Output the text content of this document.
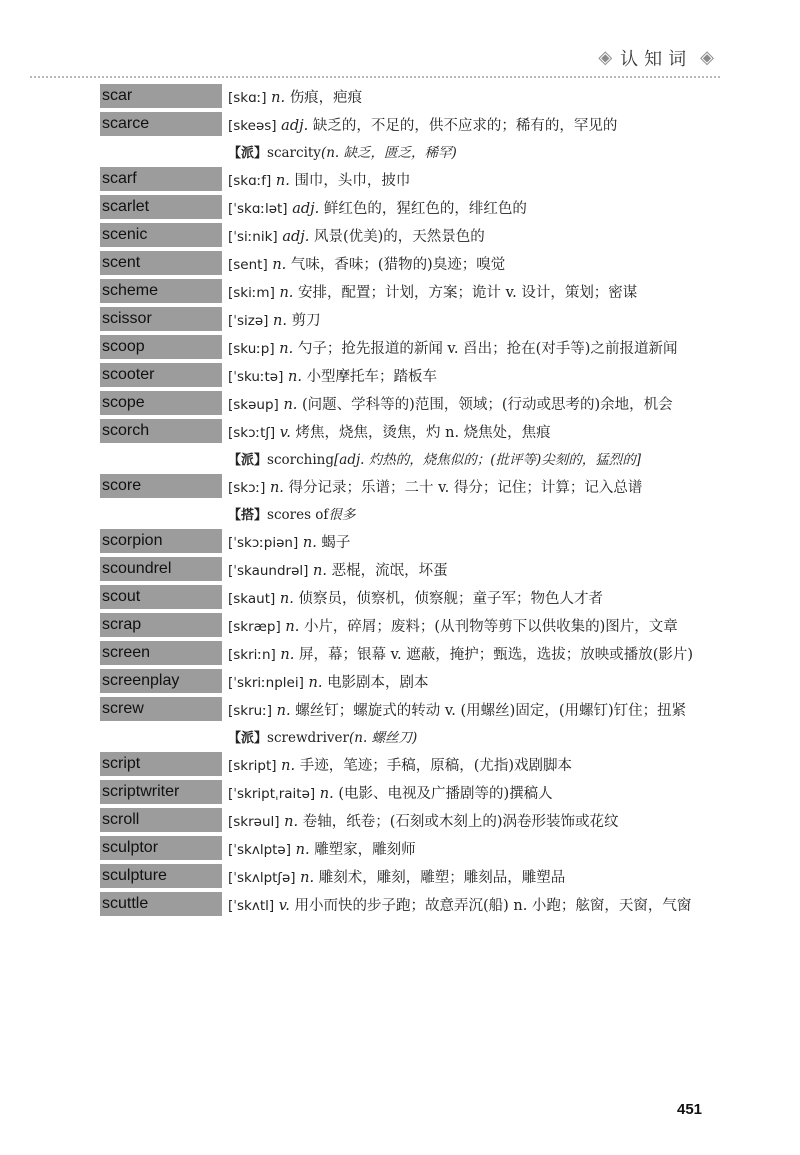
◈ 认知词 ◈
scar	[skɑː] n. 伤痕，疤痕
scarce	[skeəs] adj. 缺乏的，不足的，供不应求的；稀有的，罕见的
【派】scarcity(n. 缺乏，匮乏，稀罕)
scarf	[skɑːf] n. 围巾，头巾，披巾
scarlet	[ˈskɑːlət] adj. 鲜红色的，猩红色的，绯红色的
scenic	[ˈsiːnik] adj. 风景(优美)的，天然景色的
scent	[sent] n. 气味，香味；(猎物的)臭迹；嗅觉
scheme	[skiːm] n. 安排，配置；计划，方案；诡计 v. 设计，策划；密谋
scissor	[ˈsizə] n. 剪刀
scoop	[skuːp] n. 勺子；抢先报道的新闻 v. 舀出；抢在(对手等)之前报道新闻
scooter	[ˈskuːtə] n. 小型摩托车；踏板车
scope	[skəup] n. (问题、学科等的)范围，领域；(行动或思考的)余地，机会
scorch	[skɔːtʃ] v. 烤焦，烧焦，烫焦，灼 n. 烧焦处，焦痕
【派】scorching[adj. 灼热的，烧焦似的；(批评等)尖刻的，猛烈的]
score	[skɔː] n. 得分记录；乐谱；二十 v. 得分；记住；计算；记入总谱
【搭】scores of很多
scorpion	[ˈskɔːpiən] n. 蝎子
scoundrel	[ˈskaundrəl] n. 恶棍，流氓，坏蛋
scout	[skaut] n. 侦察员，侦察机，侦察舰；童子军；物色人才者
scrap	[skræp] n. 小片，碎屑；废料；(从刊物等剪下以供收集的)图片，文章
screen	[skriːn] n. 屏，幕；银幕 v. 遮蔽，掩护；甄选，选拔；放映或播放(影片)
screenplay	[ˈskriːnplei] n. 电影剧本，剧本
screw	[skruː] n. 螺丝钉；螺旋式的转动 v. (用螺丝)固定，(用螺钉)钉住；扭紧
【派】screwdriver(n. 螺丝刀)
script	[skript] n. 手迹，笔迹；手稿，原稿，(尤指)戏剧脚本
scriptwriter	[ˈskriptˌraitə] n. (电影、电视及广播剧等的)撰稿人
scroll	[skrəul] n. 卷轴，纸卷；(石刻或木刻上的)涡卷形装饰或花纹
sculptor	[ˈskʌlptə] n. 雕塑家，雕刻师
sculpture	[ˈskʌlptʃə] n. 雕刻术，雕刻，雕塑；雕刻品，雕塑品
scuttle	[ˈskʌtl] v. 用小而快的步子跑；故意弄沉(船) n. 小跑；舷窗，天窗，气窗
451
